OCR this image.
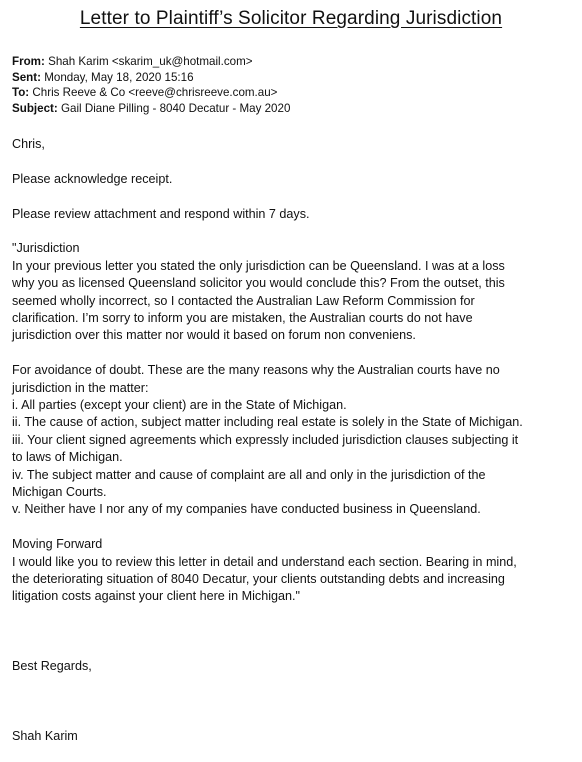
Letter to Plaintiff’s Solicitor Regarding Jurisdiction
From: Shah Karim <skarim_uk@hotmail.com>
Sent: Monday, May 18, 2020 15:16
To: Chris Reeve & Co <reeve@chrisreeve.com.au>
Subject: Gail Diane Pilling - 8040 Decatur - May 2020

Chris,

Please acknowledge receipt.

Please review attachment and respond within 7 days.

"Jurisdiction
In your previous letter you stated the only jurisdiction can be Queensland. I was at a loss
why you as licensed Queensland solicitor you would conclude this? From the outset, this
seemed wholly incorrect, so I contacted the Australian Law Reform Commission for
clarification. I’m sorry to inform you are mistaken, the Australian courts do not have
jurisdiction over this matter nor would it based on forum non conveniens.
For avoidance of doubt. These are the many reasons why the Australian courts have no
jurisdiction in the matter:
i. All parties (except your client) are in the State of Michigan.
ii. The cause of action, subject matter including real estate is solely in the State of Michigan.
iii. Your client signed agreements which expressly included jurisdiction clauses subjecting it
to laws of Michigan.
iv. The subject matter and cause of complaint are all and only in the jurisdiction of the
Michigan Courts.
v. Neither have I nor any of my companies have conducted business in Queensland.
Moving Forward
I would like you to review this letter in detail and understand each section. Bearing in mind,
the deteriorating situation of 8040 Decatur, your clients outstanding debts and increasing
litigation costs against your client here in Michigan."

Best Regards,

Shah Karim
